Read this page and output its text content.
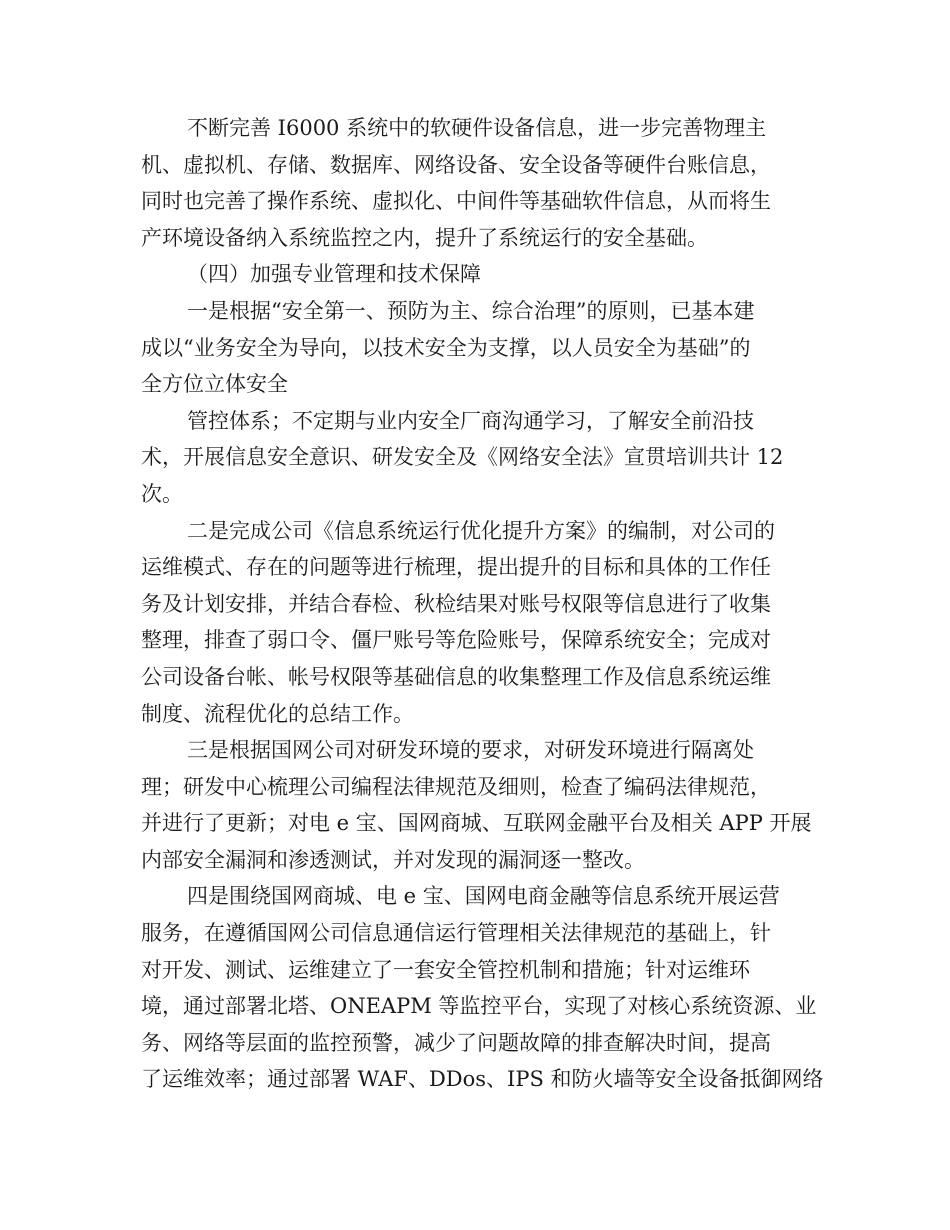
不断完善 I6000 系统中的软硬件设备信息，进一步完善物理主
机、虚拟机、存储、数据库、网络设备、安全设备等硬件台账信息，
同时也完善了操作系统、虚拟化、中间件等基础软件信息，从而将生
产环境设备纳入系统监控之内，提升了系统运行的安全基础。
（四）加强专业管理和技术保障
一是根据“安全第一、预防为主、综合治理”的原则，已基本建
成以“业务安全为导向，以技术安全为支撑，以人员安全为基础”的
全方位立体安全
管控体系；不定期与业内安全厂商沟通学习，了解安全前沿技
术，开展信息安全意识、研发安全及《网络安全法》宣贯培训共计 12
次。
二是完成公司《信息系统运行优化提升方案》的编制，对公司的
运维模式、存在的问题等进行梳理，提出提升的目标和具体的工作任
务及计划安排，并结合春检、秋检结果对账号权限等信息进行了收集
整理，排查了弱口令、僵尸账号等危险账号，保障系统安全；完成对
公司设备台帐、帐号权限等基础信息的收集整理工作及信息系统运维
制度、流程优化的总结工作。
三是根据国网公司对研发环境的要求，对研发环境进行隔离处
理；研发中心梳理公司编程法律规范及细则，检查了编码法律规范，
并进行了更新；对电 e 宝、国网商城、互联网金融平台及相关 APP 开展
内部安全漏洞和渗透测试，并对发现的漏洞逐一整改。
四是围绕国网商城、电 e 宝、国网电商金融等信息系统开展运营
服务，在遵循国网公司信息通信运行管理相关法律规范的基础上，针
对开发、测试、运维建立了一套安全管控机制和措施；针对运维环
境，通过部署北塔、ONEAPM 等监控平台，实现了对核心系统资源、业
务、网络等层面的监控预警，减少了问题故障的排查解决时间，提高
了运维效率；通过部署 WAF、DDos、IPS 和防火墙等安全设备抵御网络
